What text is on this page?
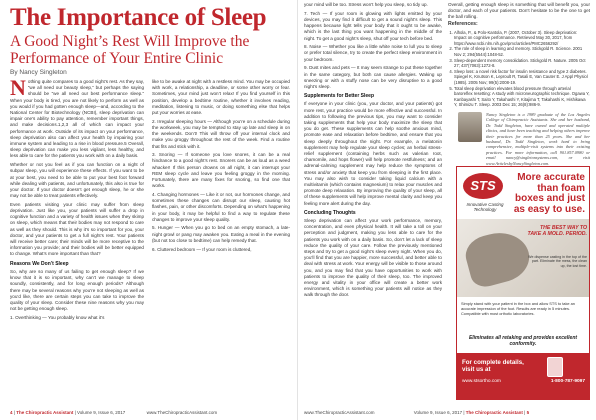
The Importance of Sleep
A Good Night’s Rest Will Improve the Performance of Your Entire Clinic
By Nancy Singleton

Nothing quite compares to a good night’s rest. As they say, “we all need our beauty sleep,” but perhaps the saying should be “we all need our best performance sleep.” When your body is tired, you are not likely to perform as well as you would if you had gotten enough sleep—and, according to the National Center for Biotechnology (NCBI), sleep deprivation can impair one’s ability to pay attention, remember important things, and make decisions.1,2,3 all of which can impact your performance at work. Outside of its impact on your performance, sleep deprivation also can affect your health by impairing your immune system and leading to a rise in blood pressure.5 Overall, sleep deprivation can make you less vigilant, less healthy, and less able to care for the patients you work with on a daily basis.

Whether or not you feel as if you can function on a night of subpar sleep, you will experience these effects. If you want to be at your best, you need to be able to put your best foot forward while dealing with patients, and unfortunately, this also is true for your doctor. If your doctor doesn’t get enough sleep, he or she may not be able to treat patients effectively.

Even patients visiting your clinic may suffer from sleep deprivation. Just like you, your patients will suffer a drop in cognitive function and a variety of health issues when they skimp on sleep, which means that their bodies may not respond to care as well as they should. This is why it’s so important for you, your doctor, and your patients to get a full night’s rest. Your patients will receive better care; their minds will be more receptive to the information you provide; and their bodies will be better equipped to change. What’s more important than that?

Reasons We Don’t Sleep

So, why are so many of us failing to get enough sleep? If we know that it is so important, why can’t we manage to sleep soundly, consistently, and for long enough periods? Although there may be several reasons why you’re not sleeping as well as you’d like, there are certain steps you can take to improve the quality of your sleep. Consider these nine reasons why you may not be getting enough sleep.

1. Overthinking — You probably know what it’s

like to be awake at night with a restless mind. You may be occupied with work, a relationship, a deadline, or some other worry or fear. Sometimes, your mind just won’t relax! If you find yourself in this position, develop a bedtime routine, whether it involves reading, meditation, listening to music, or doing something else that helps put your worries at ease.

2. Irregular sleeping hours — Although you’re on a schedule during the workweek, you may be tempted to stay up late and sleep in on the weekends. Don’t! This will throw off your internal clock and make you groggy throughout the rest of the week. Find a routine that fits and stick with it.

3. Snoring — If someone you love snores, it can be a real hindrance to a good night’s rest. Snorers can be as loud as a weed whacker! If this person drowns on all night, it can interrupt your REM sleep cycle and leave you feeling groggy in the morning. Fortunately, there are many fixes for snoring, so find one that works.

4. Changing hormones — Like it or not, our hormones change, and sometimes these changes can disrupt our sleep, causing hot flashes, pain, or other discomforts. Depending on what’s happening in your body, it may be helpful to find a way to regulate these changes to improve your sleep quality.

5. Hunger — When you go to bed on an empty stomach, a late-night growl or pang may awaken you. Eating a meal in the evening (but not too close to bedtime) can help remedy that.

6. Cluttered bedroom — If your room is cluttered,

4 | The Chiropractic Assistant | Volume 9, Issue 6, 2017	www.TheChiropracticAssistant.com

your mind will be too. Stress won’t help you sleep, so tidy up.

7. Tech — If your room is glowing with lights emitted by your devices, you may find it difficult to get a sound night’s sleep. This happens because light tells your body that it ought to be awake, which is the last thing you want happening in the middle of the night. To get a good night’s sleep, shut off your tech before bed.

8. Noise — Whether you like a little white noise to lull you to sleep or prefer total silence, try to create the perfect sleep environment in your bedroom.

9. Dust mites and pets — It may seem strange to put these together in the same category, but both can cause allergies. Waking up sneezing or with a stuffy nose can be very disruptive to a good night’s sleep.

Supplements for Better Sleep

If everyone in your clinic (you, your doctor, and your patients) got more rest, your practice would be more effective and successful. In addition to following the previous tips, you may want to consider taking supplements that help your body maximize the sleep that you do get. These supplements can help soothe anxious mind, promote ease and relaxation before bedtime, and ensure that you sleep deeply throughout the night. For example, a melatonin supplement may help regulate your sleep cycles; an herbal stress-relief supplement (containing herbs such as valerian root, chamomile, and hops flower) will help promote restfulness; and an adrenal-calming supplement may help reduce the symptoms of stress and/or anxiety that keep you from sleeping in the first place. You may also wish to consider taking liquid calcium with a multivitamin (which contains magnesium) to relax your muscles and promote deep relaxation. By improving the quality of your sleep, all of these supplements will help improve mental clarity and keep you feeling more alert during the day.

Concluding Thoughts

Sleep deprivation can affect your work performance, memory, concentration, and even physical health. It will take a toll on your perception and judgment, making you less able to care for the patients you work with on a daily basis. So, don’t let a lack of sleep reduce the quality of your care. Follow the previously mentioned steps and try to get a good night’s sleep every night. When you do, you’ll find that you are happier, more successful, and better able to deal with stress at work. Your energy will be visible to those around you, and you may find that you have opportunities to work with patients to improve the quality of their sleep, too. The improved energy and vitality in your office will create a better work environment, which is something your patients will notice as they walk through the door.

Overall, getting enough sleep is something that will benefit you, your doctor, and each of your patients. Don’t hesitate to be the one to get the ball rolling.
References:
1. Alhola, P., & Polo-Kantola, P. (2007, October 3). Sleep deprivation: Impact on cognitive performance. Retrieved May 30, 2017, from https://www.ncbi.nlm.nih.gov/pmc/articles/PMC2656292/
2. The role of sleep in learning and memory. Stickgold R. Science. 2001 Nov 2; 294(5544):1048-52.
3. Sleep-dependent memory consolidation. Stickgold R. Nature. 2005 Oct 27; 437(7063):1272-8.
4. Sleep loss: a novel risk factor for insulin resistance and type 2 diabetes. Spiegel K, Knutson K, Leproult R, Tasali E, Van Cauter E. J Appl Physiol (1985). 2005 Nov; 99(5):2008-19.
5. Total sleep deprivation elevates blood pressure through arterial baroreflex resetting: A study with microneurographic technique. Ogawa Y, Kanbayashi T, Saito Y, Takahashi Y, Kitajima T, Takahashi K, Hishikawa Y, Shimizu T. Sleep. 2003 Dec 15; 26(8):986-9.
Nancy Singleton is a 1989 graduate of the Los Angeles College of Chiropractic Assistants. She and her husband, Dr. Todd Singleton, have owned and operated multiple clinics, and have been teaching and helping others improve their practices for more than 25 years. She and her husband, Dr. Todd Singleton, work hard to bring comprehensive, multiple-visit systems into their existing practices. For more information, call 901.857.0980 or email nancy@singletonsystems.com, or visit www.ArticlesbyNancySingleton.com.
STS
Innovative Casting Technology
More accurate than foam boxes and just as easy to use.
THE BEST WAY TO TAKE A MOLD. PERIOD.
We dispense casting in the top of the part. Eliminate the mess, the clean up, the lost time.
Simply stand with your patient in the box and allow STS to take an accurate impression of the foot. Results are ready in 5 minutes. Compatible with most orthotic laboratories.
Eliminates all retaking and provides excellent conformity.
For complete details, visit us at
www.stsortho.com	1-800-787-9097
www.TheChiropracticAssistant.com	Volume 9, Issue 6, 2017 | The Chiropractic Assistant | 5
